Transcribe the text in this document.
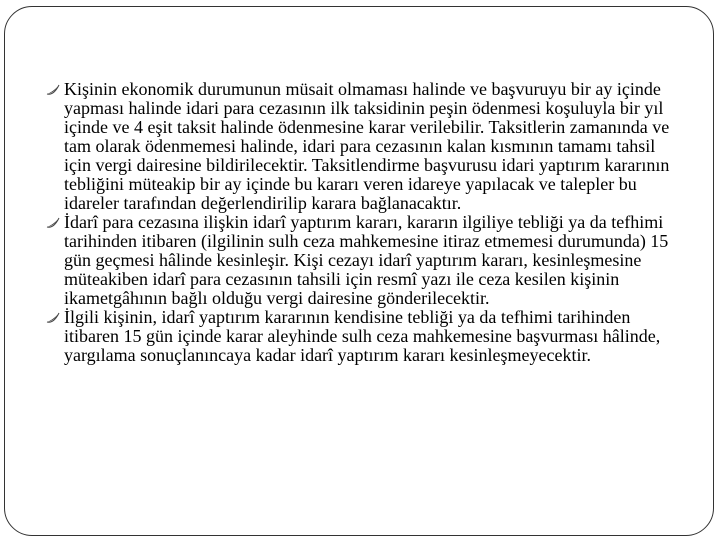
Kişinin ekonomik durumunun müsait olmaması halinde ve başvuruyu bir ay içinde yapması halinde idari para cezasının ilk taksidinin peşin ödenmesi koşuluyla bir yıl içinde ve 4 eşit taksit halinde ödenmesine karar verilebilir. Taksitlerin zamanında ve tam olarak ödenmemesi halinde, idari para cezasının kalan kısmının tamamı tahsil için vergi dairesine bildirilecektir. Taksitlendirme başvurusu idari yaptırım kararının tebliğini müteakip bir ay içinde bu kararı veren idareye yapılacak ve talepler bu idareler tarafından değerlendirilip karara bağlanacaktır.

İdarî para cezasına ilişkin idarî yaptırım kararı, kararın ilgiliye tebliği ya da tefhimi tarihinden itibaren (ilgilinin sulh ceza mahkemesine itiraz etmemesi durumunda) 15 gün geçmesi hâlinde kesinleşir. Kişi cezayı idarî yaptırım kararı, kesinleşmesine müteakiben idarî para cezasının tahsili için resmî yazı ile ceza kesilen kişinin ikametgâhının bağlı olduğu vergi dairesine gönderilecektir.

İlgili kişinin, idarî yaptırım kararının kendisine tebliği ya da tefhimi tarihinden itibaren 15 gün içinde karar aleyhinde sulh ceza mahkemesine başvurması hâlinde, yargılama sonuçlanıncaya kadar idarî yaptırım kararı kesinleşmeyecektir.
